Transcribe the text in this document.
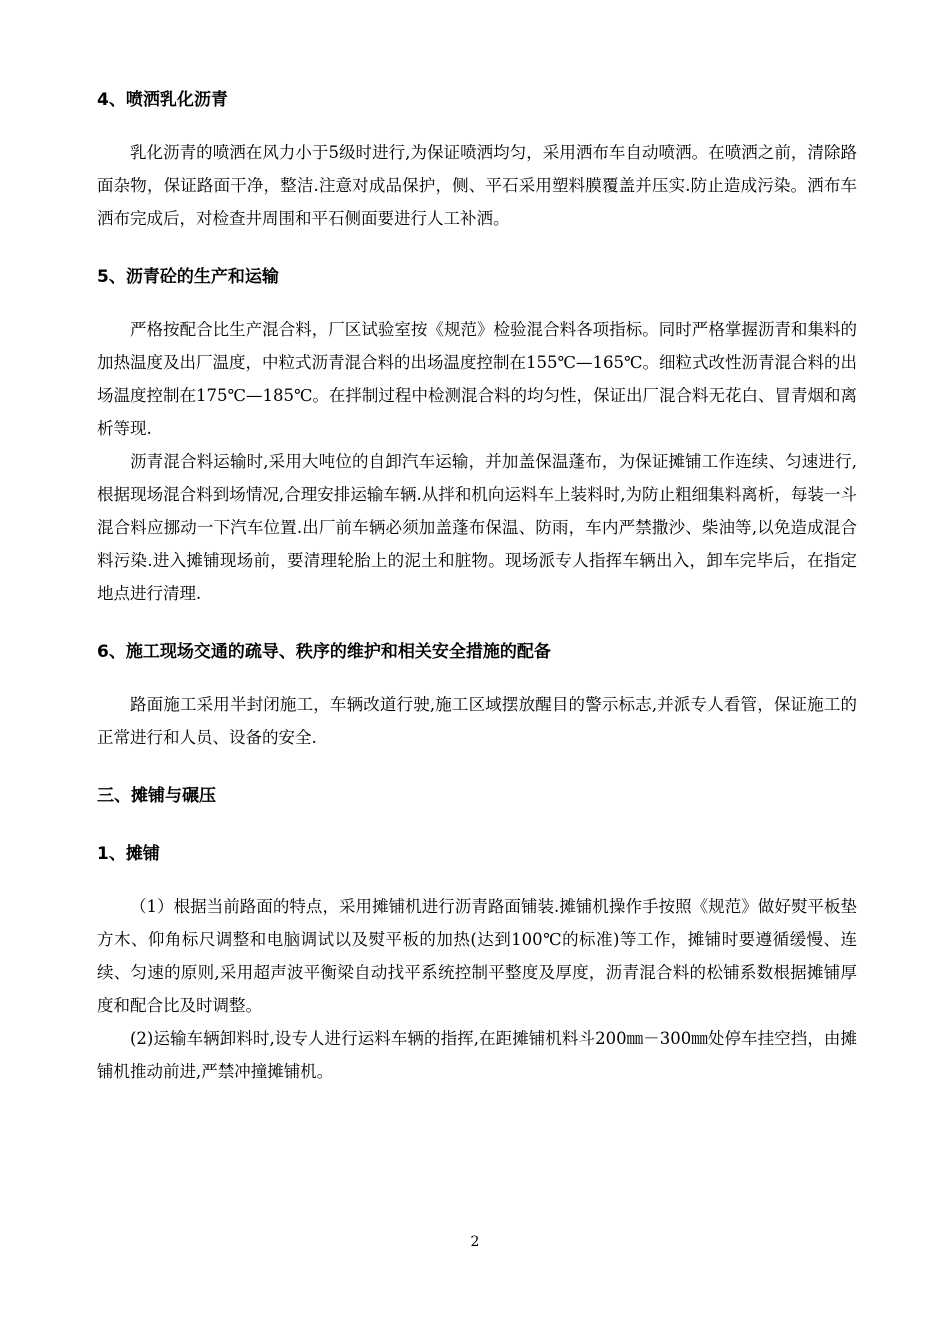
4、喷洒乳化沥青

乳化沥青的喷洒在风力小于5级时进行,为保证喷洒均匀，采用洒布车自动喷洒。在喷洒之前，清除路面杂物，保证路面干净，整洁.注意对成品保护，侧、平石采用塑料膜覆盖并压实.防止造成污染。洒布车洒布完成后，对检查井周围和平石侧面要进行人工补洒。

5、沥青砼的生产和运输

严格按配合比生产混合料，厂区试验室按《规范》检验混合料各项指标。同时严格掌握沥青和集料的加热温度及出厂温度，中粒式沥青混合料的出场温度控制在155℃—165℃。细粒式改性沥青混合料的出场温度控制在175℃—185℃。在拌制过程中检测混合料的均匀性，保证出厂混合料无花白、冒青烟和离析等现.

沥青混合料运输时,采用大吨位的自卸汽车运输，并加盖保温蓬布，为保证摊铺工作连续、匀速进行,根据现场混合料到场情况,合理安排运输车辆.从拌和机向运料车上装料时,为防止粗细集料离析，每装一斗混合料应挪动一下汽车位置.出厂前车辆必须加盖蓬布保温、防雨，车内严禁撒沙、柴油等,以免造成混合料污染.进入摊铺现场前，要清理轮胎上的泥土和脏物。现场派专人指挥车辆出入，卸车完毕后，在指定地点进行清理.

6、施工现场交通的疏导、秩序的维护和相关安全措施的配备

路面施工采用半封闭施工，车辆改道行驶,施工区域摆放醒目的警示标志,并派专人看管，保证施工的正常进行和人员、设备的安全.

三、摊铺与碾压
1、摊铺

（1）根据当前路面的特点，采用摊铺机进行沥青路面铺装.摊铺机操作手按照《规范》做好熨平板垫方木、仰角标尺调整和电脑调试以及熨平板的加热(达到100℃的标准)等工作，摊铺时要遵循缓慢、连续、匀速的原则,采用超声波平衡梁自动找平系统控制平整度及厚度，沥青混合料的松铺系数根据摊铺厚度和配合比及时调整。

(2)运输车辆卸料时,设专人进行运料车辆的指挥,在距摊铺机料斗200㎜－300㎜处停车挂空挡，由摊铺机推动前进,严禁冲撞摊铺机。

2
